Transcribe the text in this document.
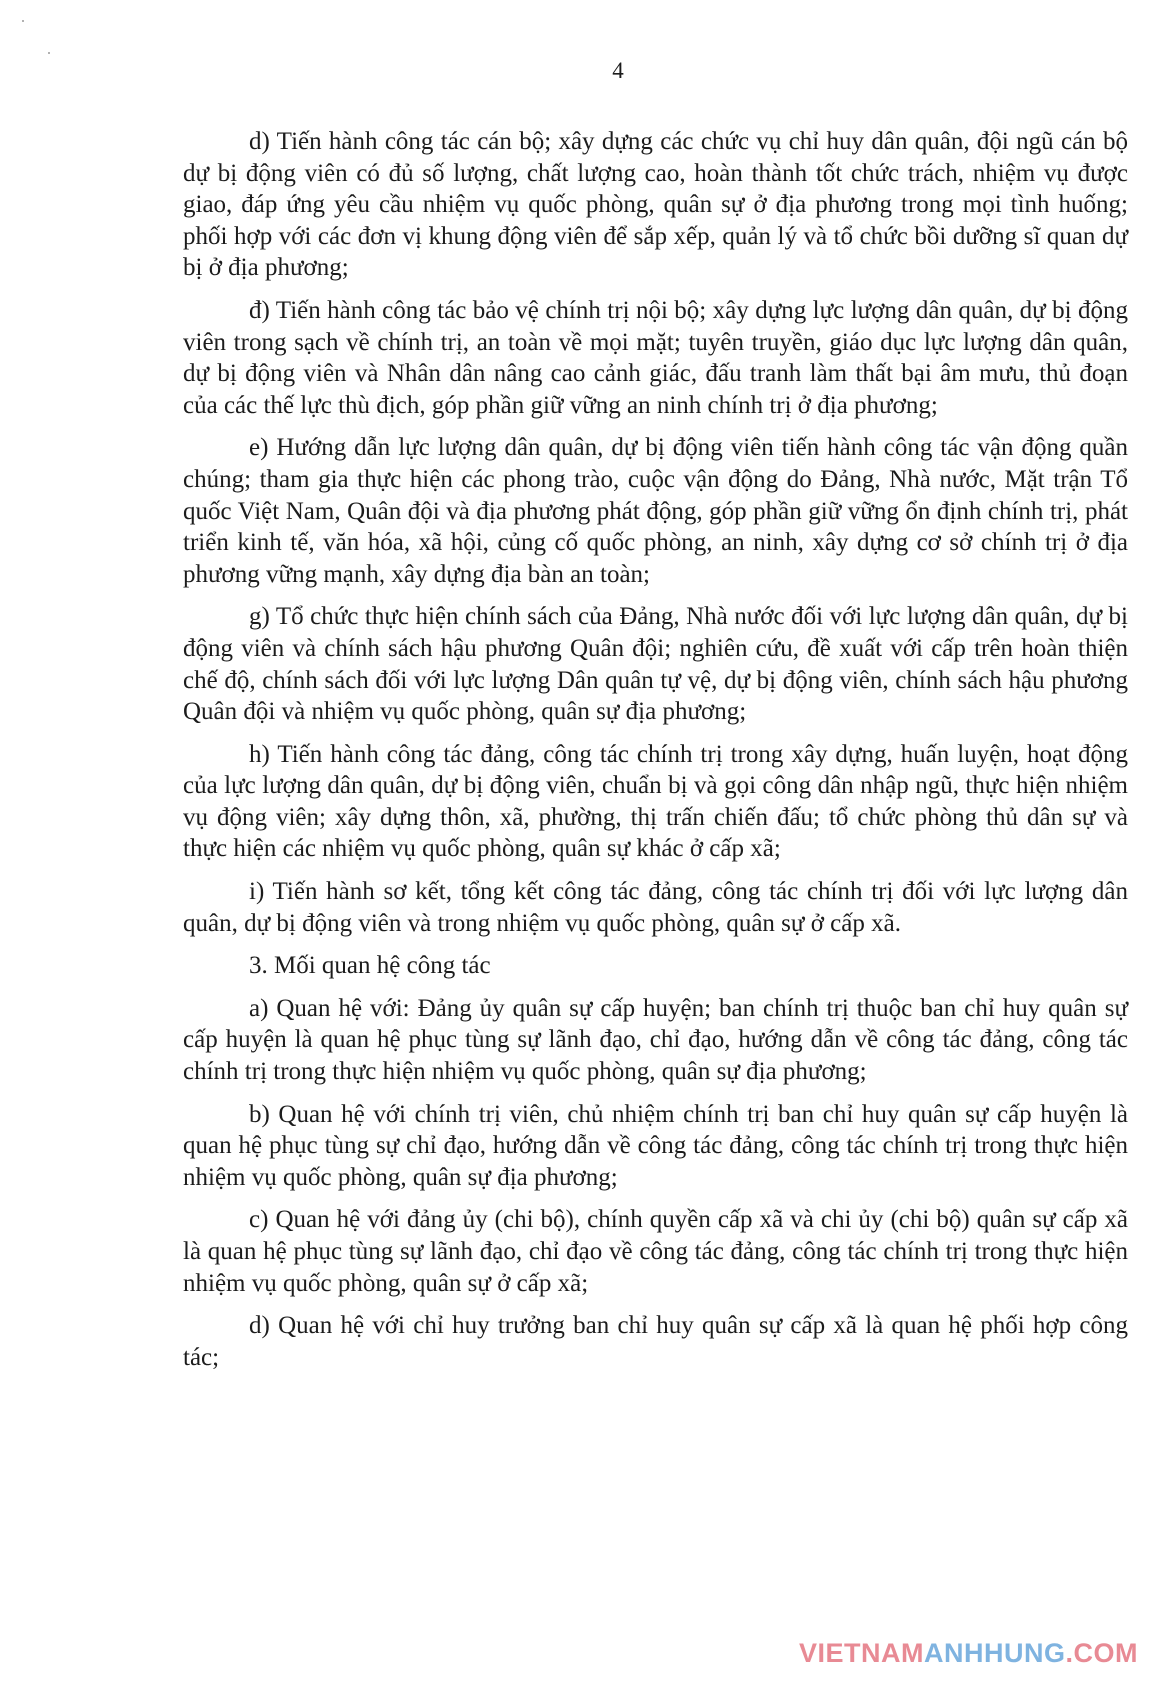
4

d) Tiến hành công tác cán bộ; xây dựng các chức vụ chỉ huy dân quân, đội ngũ cán bộ dự bị động viên có đủ số lượng, chất lượng cao, hoàn thành tốt chức trách, nhiệm vụ được giao, đáp ứng yêu cầu nhiệm vụ quốc phòng, quân sự ở địa phương trong mọi tình huống; phối hợp với các đơn vị khung động viên để sắp xếp, quản lý và tổ chức bồi dưỡng sĩ quan dự bị ở địa phương;

đ) Tiến hành công tác bảo vệ chính trị nội bộ; xây dựng lực lượng dân quân, dự bị động viên trong sạch về chính trị, an toàn về mọi mặt; tuyên truyền, giáo dục lực lượng dân quân, dự bị động viên và Nhân dân nâng cao cảnh giác, đấu tranh làm thất bại âm mưu, thủ đoạn của các thế lực thù địch, góp phần giữ vững an ninh chính trị ở địa phương;

e) Hướng dẫn lực lượng dân quân, dự bị động viên tiến hành công tác vận động quần chúng; tham gia thực hiện các phong trào, cuộc vận động do Đảng, Nhà nước, Mặt trận Tổ quốc Việt Nam, Quân đội và địa phương phát động, góp phần giữ vững ổn định chính trị, phát triển kinh tế, văn hóa, xã hội, củng cố quốc phòng, an ninh, xây dựng cơ sở chính trị ở địa phương vững mạnh, xây dựng địa bàn an toàn;

g) Tổ chức thực hiện chính sách của Đảng, Nhà nước đối với lực lượng dân quân, dự bị động viên và chính sách hậu phương Quân đội; nghiên cứu, đề xuất với cấp trên hoàn thiện chế độ, chính sách đối với lực lượng Dân quân tự vệ, dự bị động viên, chính sách hậu phương Quân đội và nhiệm vụ quốc phòng, quân sự địa phương;

h) Tiến hành công tác đảng, công tác chính trị trong xây dựng, huấn luyện, hoạt động của lực lượng dân quân, dự bị động viên, chuẩn bị và gọi công dân nhập ngũ, thực hiện nhiệm vụ động viên; xây dựng thôn, xã, phường, thị trấn chiến đấu; tổ chức phòng thủ dân sự và thực hiện các nhiệm vụ quốc phòng, quân sự khác ở cấp xã;

i) Tiến hành sơ kết, tổng kết công tác đảng, công tác chính trị đối với lực lượng dân quân, dự bị động viên và trong nhiệm vụ quốc phòng, quân sự ở cấp xã.

3. Mối quan hệ công tác

a) Quan hệ với: Đảng ủy quân sự cấp huyện; ban chính trị thuộc ban chỉ huy quân sự cấp huyện là quan hệ phục tùng sự lãnh đạo, chỉ đạo, hướng dẫn về công tác đảng, công tác chính trị trong thực hiện nhiệm vụ quốc phòng, quân sự địa phương;

b) Quan hệ với chính trị viên, chủ nhiệm chính trị ban chỉ huy quân sự cấp huyện là quan hệ phục tùng sự chỉ đạo, hướng dẫn về công tác đảng, công tác chính trị trong thực hiện nhiệm vụ quốc phòng, quân sự địa phương;

c) Quan hệ với đảng ủy (chi bộ), chính quyền cấp xã và chi ủy (chi bộ) quân sự cấp xã là quan hệ phục tùng sự lãnh đạo, chỉ đạo về công tác đảng, công tác chính trị trong thực hiện nhiệm vụ quốc phòng, quân sự ở cấp xã;

d) Quan hệ với chỉ huy trưởng ban chỉ huy quân sự cấp xã là quan hệ phối hợp công tác;

VIETNAMANHHUNG.COM
